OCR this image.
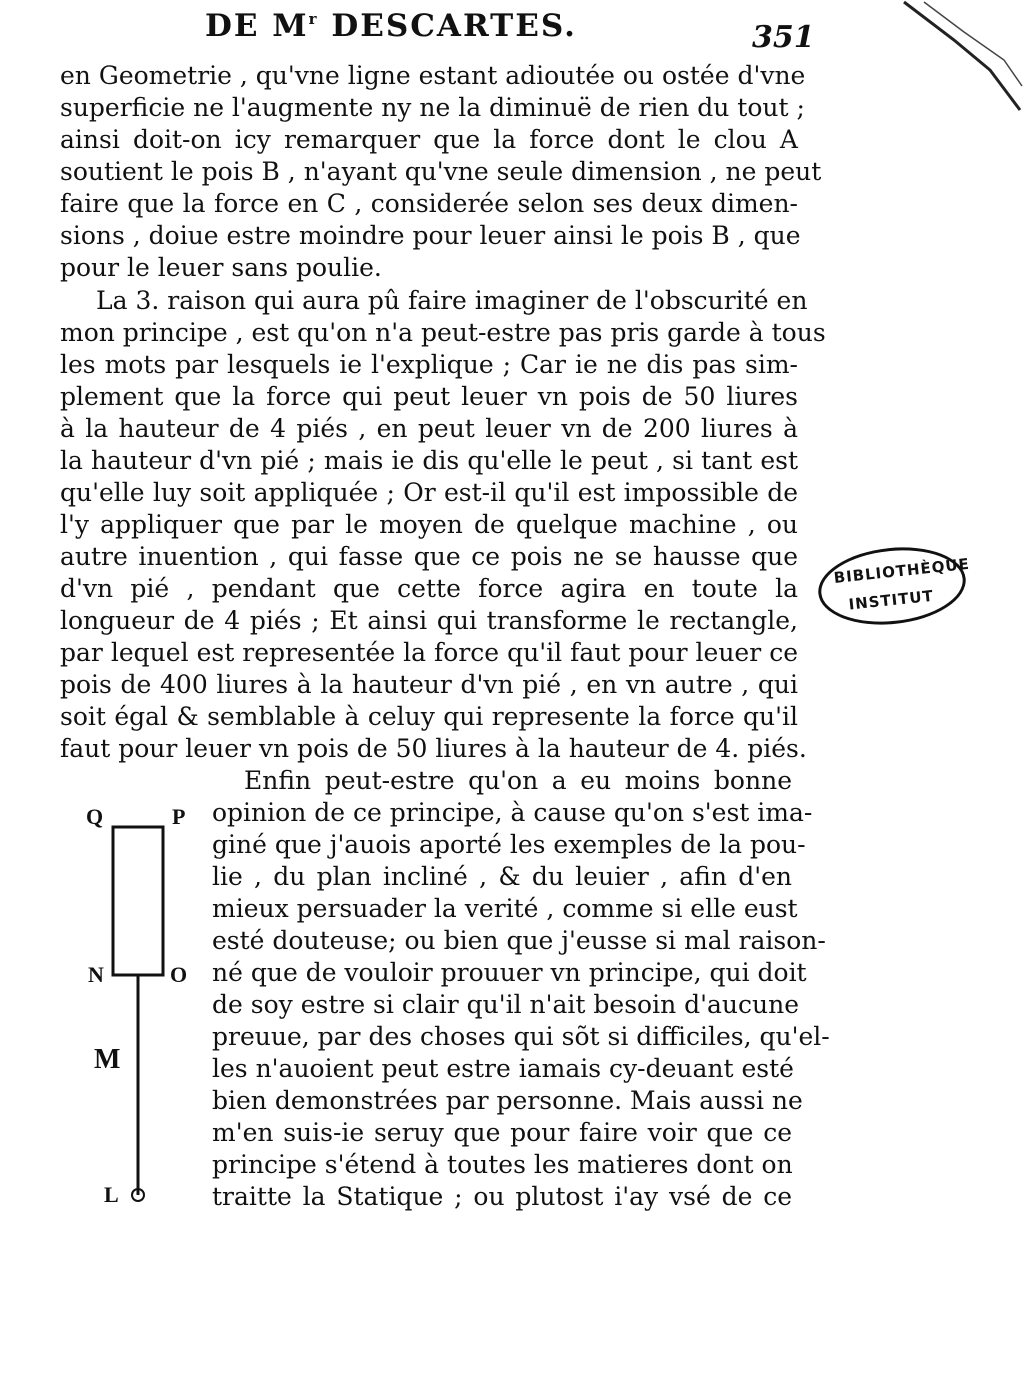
DE $M^r$ DESCARTES.	351
en Geometrie , qu'vne ligne estant adioutée ou ostée d'vne
superficie ne l'augmente ny ne la diminuë de rien du tout ;
ainsi doit-on icy remarquer que la force dont le clou A
soutient le pois B , n'ayant qu'vne seule dimension , ne peut
faire que la force en C , considerée selon ses deux dimen-
sions , doiue estre moindre pour leuer ainsi le pois B , que
pour le leuer sans poulie.
La 3. raison qui aura pû faire imaginer de l'obscurité en
mon principe , est qu'on n'a peut-estre pas pris garde à tous
les mots par lesquels ie l'explique ; Car ie ne dis pas sim-
plement que la force qui peut leuer vn pois de 50 liures
à la hauteur de 4 piés , en peut leuer vn de 200 liures à
la hauteur d'vn pié ; mais ie dis qu'elle le peut , si tant est
qu'elle luy soit appliquée ; Or est-il qu'il est impossible de
l'y appliquer que par le moyen de quelque machine , ou
autre inuention , qui fasse que ce pois ne se hausse que
d'vn pié , pendant que cette force agira en toute la
longueur de 4 piés ; Et ainsi qui transforme le rectangle,
par lequel est representée la force qu'il faut pour leuer ce
pois de 400 liures à la hauteur d'vn pié , en vn autre , qui
soit égal & semblable à celuy qui represente la force qu'il
faut pour leuer vn pois de 50 liures à la hauteur de 4. piés.
Enfin peut-estre qu'on a eu moins bonne
opinion de ce principe, à cause qu'on s'est ima-
giné que j'auois aporté les exemples de la pou-
lie , du plan incliné , & du leuier , afin d'en
mieux persuader la verité , comme si elle eust
esté douteuse; ou bien que j'eusse si mal raison-
né que de vouloir prouuer vn principe, qui doit
de soy estre si clair qu'il n'ait besoin d'aucune
preuue, par des choses qui sõt si difficiles, qu'el-
les n'auoient peut estre iamais cy-deuant esté
bien demonstrées par personne. Mais aussi ne
m'en suis-ie seruy que pour faire voir que ce
principe s'étend à toutes les matieres dont on
traitte la Statique ; ou plutost i'ay vsé de ce
BIBLIOTHÈQUE
INSTITUT
Q	P
N	O
M
L
